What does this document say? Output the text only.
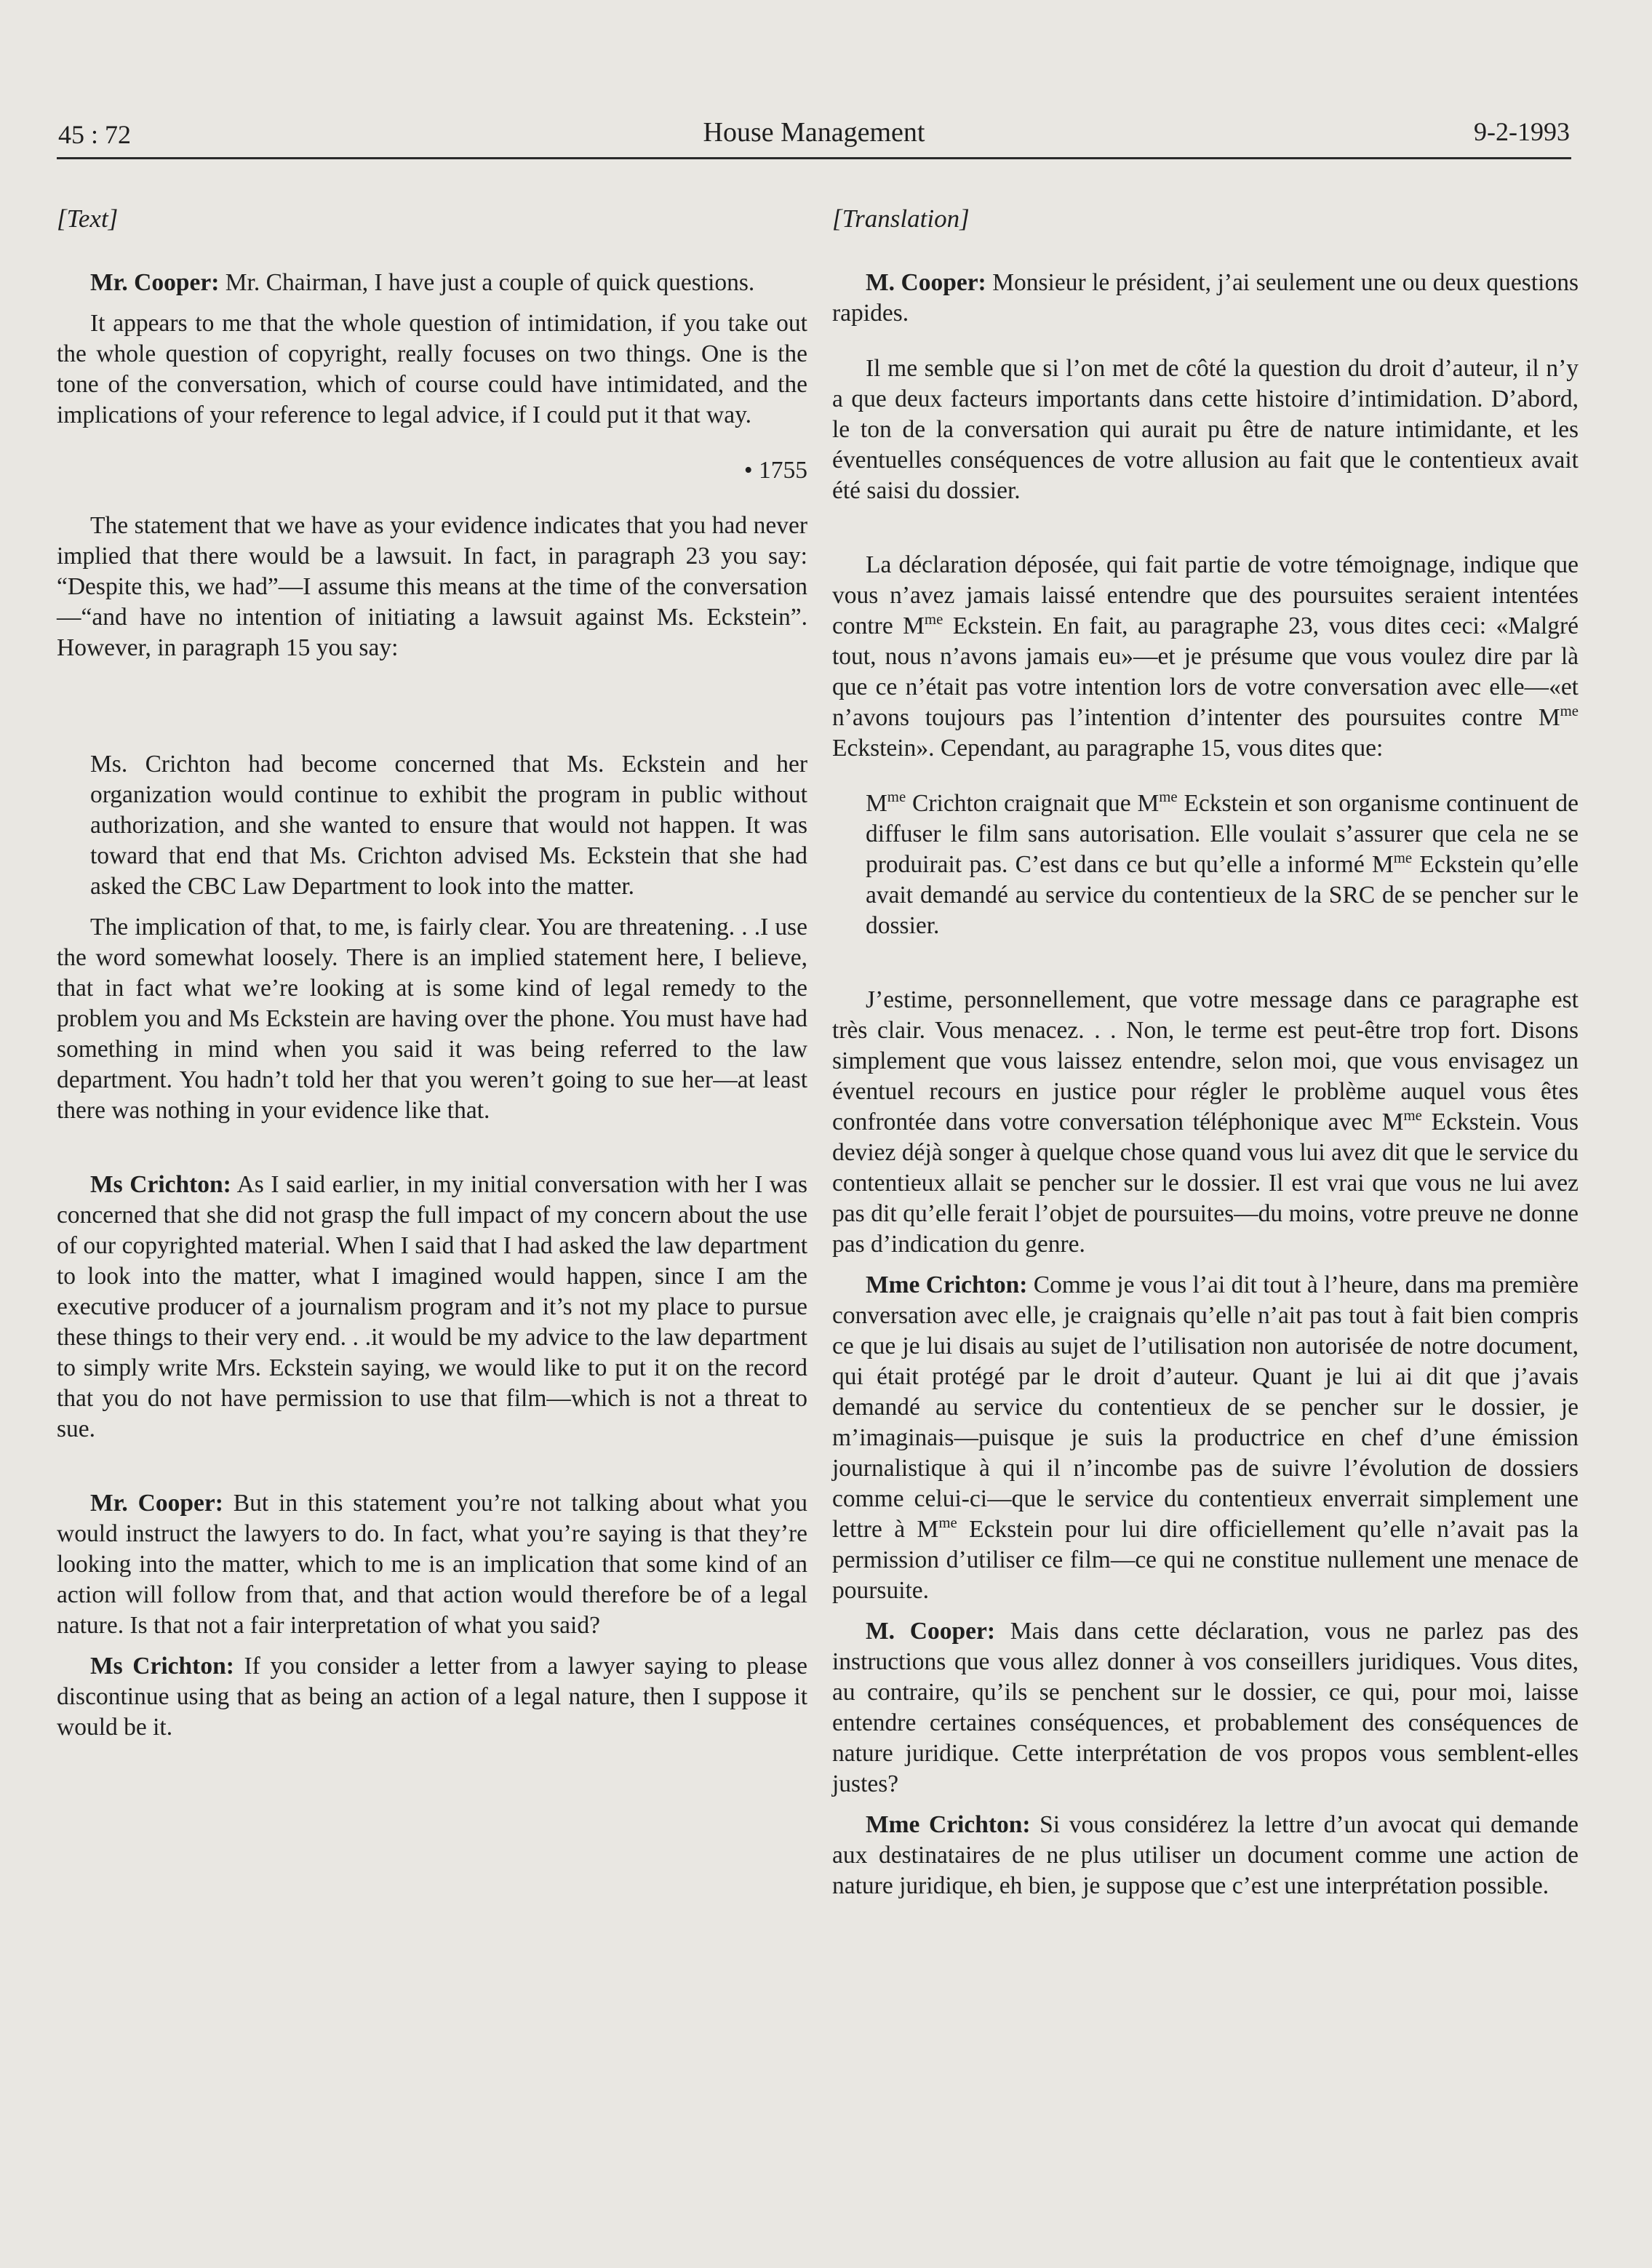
45 : 72	House Management	9-2-1993

[Text]

Mr. Cooper: Mr. Chairman, I have just a couple of quick questions.

It appears to me that the whole question of intimidation, if you take out the whole question of copyright, really focuses on two things. One is the tone of the conversation, which of course could have intimidated, and the implications of your reference to legal advice, if I could put it that way.

• 1755

The statement that we have as your evidence indicates that you had never implied that there would be a lawsuit. In fact, in paragraph 23 you say: “Despite this, we had”—I assume this means at the time of the conversation—“and have no intention of initiating a lawsuit against Ms. Eckstein”. However, in paragraph 15 you say:

Ms. Crichton had become concerned that Ms. Eckstein and her organization would continue to exhibit the program in public without authorization, and she wanted to ensure that would not happen. It was toward that end that Ms. Crichton advised Ms. Eckstein that she had asked the CBC Law Department to look into the matter.

The implication of that, to me, is fairly clear. You are threatening. . .I use the word somewhat loosely. There is an implied statement here, I believe, that in fact what we’re looking at is some kind of legal remedy to the problem you and Ms Eckstein are having over the phone. You must have had something in mind when you said it was being referred to the law department. You hadn’t told her that you weren’t going to sue her—at least there was nothing in your evidence like that.

Ms Crichton: As I said earlier, in my initial conversation with her I was concerned that she did not grasp the full impact of my concern about the use of our copyrighted material. When I said that I had asked the law department to look into the matter, what I imagined would happen, since I am the executive producer of a journalism program and it’s not my place to pursue these things to their very end. . .it would be my advice to the law department to simply write Mrs. Eckstein saying, we would like to put it on the record that you do not have permission to use that film—which is not a threat to sue.

Mr. Cooper: But in this statement you’re not talking about what you would instruct the lawyers to do. In fact, what you’re saying is that they’re looking into the matter, which to me is an implication that some kind of an action will follow from that, and that action would therefore be of a legal nature. Is that not a fair interpretation of what you said?

Ms Crichton: If you consider a letter from a lawyer saying to please discontinue using that as being an action of a legal nature, then I suppose it would be it.

[Translation]

M. Cooper: Monsieur le président, j’ai seulement une ou deux questions rapides.

Il me semble que si l’on met de côté la question du droit d’auteur, il n’y a que deux facteurs importants dans cette histoire d’intimidation. D’abord, le ton de la conversation qui aurait pu être de nature intimidante, et les éventuelles conséquences de votre allusion au fait que le contentieux avait été saisi du dossier.

La déclaration déposée, qui fait partie de votre témoignage, indique que vous n’avez jamais laissé entendre que des poursuites seraient intentées contre $M^{me}$ Eckstein. En fait, au paragraphe 23, vous dites ceci: «Malgré tout, nous n’avons jamais eu»—et je présume que vous voulez dire par là que ce n’était pas votre intention lors de votre conversation avec elle—«et n’avons toujours pas l’intention d’intenter des poursuites contre $M^{me}$ Eckstein». Cependant, au paragraphe 15, vous dites que:

$M^{me}$ Crichton craignait que $M^{me}$ Eckstein et son organisme continuent de diffuser le film sans autorisation. Elle voulait s’assurer que cela ne se produirait pas. C’est dans ce but qu’elle a informé $M^{me}$ Eckstein qu’elle avait demandé au service du contentieux de la SRC de se pencher sur le dossier.

J’estime, personnellement, que votre message dans ce paragraphe est très clair. Vous menacez. . . Non, le terme est peut-être trop fort. Disons simplement que vous laissez entendre, selon moi, que vous envisagez un éventuel recours en justice pour régler le problème auquel vous êtes confrontée dans votre conversation téléphonique avec $M^{me}$ Eckstein. Vous deviez déjà songer à quelque chose quand vous lui avez dit que le service du contentieux allait se pencher sur le dossier. Il est vrai que vous ne lui avez pas dit qu’elle ferait l’objet de poursuites—du moins, votre preuve ne donne pas d’indication du genre.

Mme Crichton: Comme je vous l’ai dit tout à l’heure, dans ma première conversation avec elle, je craignais qu’elle n’ait pas tout à fait bien compris ce que je lui disais au sujet de l’utilisation non autorisée de notre document, qui était protégé par le droit d’auteur. Quant je lui ai dit que j’avais demandé au service du contentieux de se pencher sur le dossier, je m’imaginais—puisque je suis la productrice en chef d’une émission journalistique à qui il n’incombe pas de suivre l’évolution de dossiers comme celui-ci—que le service du contentieux enverrait simplement une lettre à $M^{me}$ Eckstein pour lui dire officiellement qu’elle n’avait pas la permission d’utiliser ce film—ce qui ne constitue nullement une menace de poursuite.

M. Cooper: Mais dans cette déclaration, vous ne parlez pas des instructions que vous allez donner à vos conseillers juridiques. Vous dites, au contraire, qu’ils se penchent sur le dossier, ce qui, pour moi, laisse entendre certaines conséquences, et probablement des conséquences de nature juridique. Cette interprétation de vos propos vous semblent-elles justes?

Mme Crichton: Si vous considérez la lettre d’un avocat qui demande aux destinataires de ne plus utiliser un document comme une action de nature juridique, eh bien, je suppose que c’est une interprétation possible.
